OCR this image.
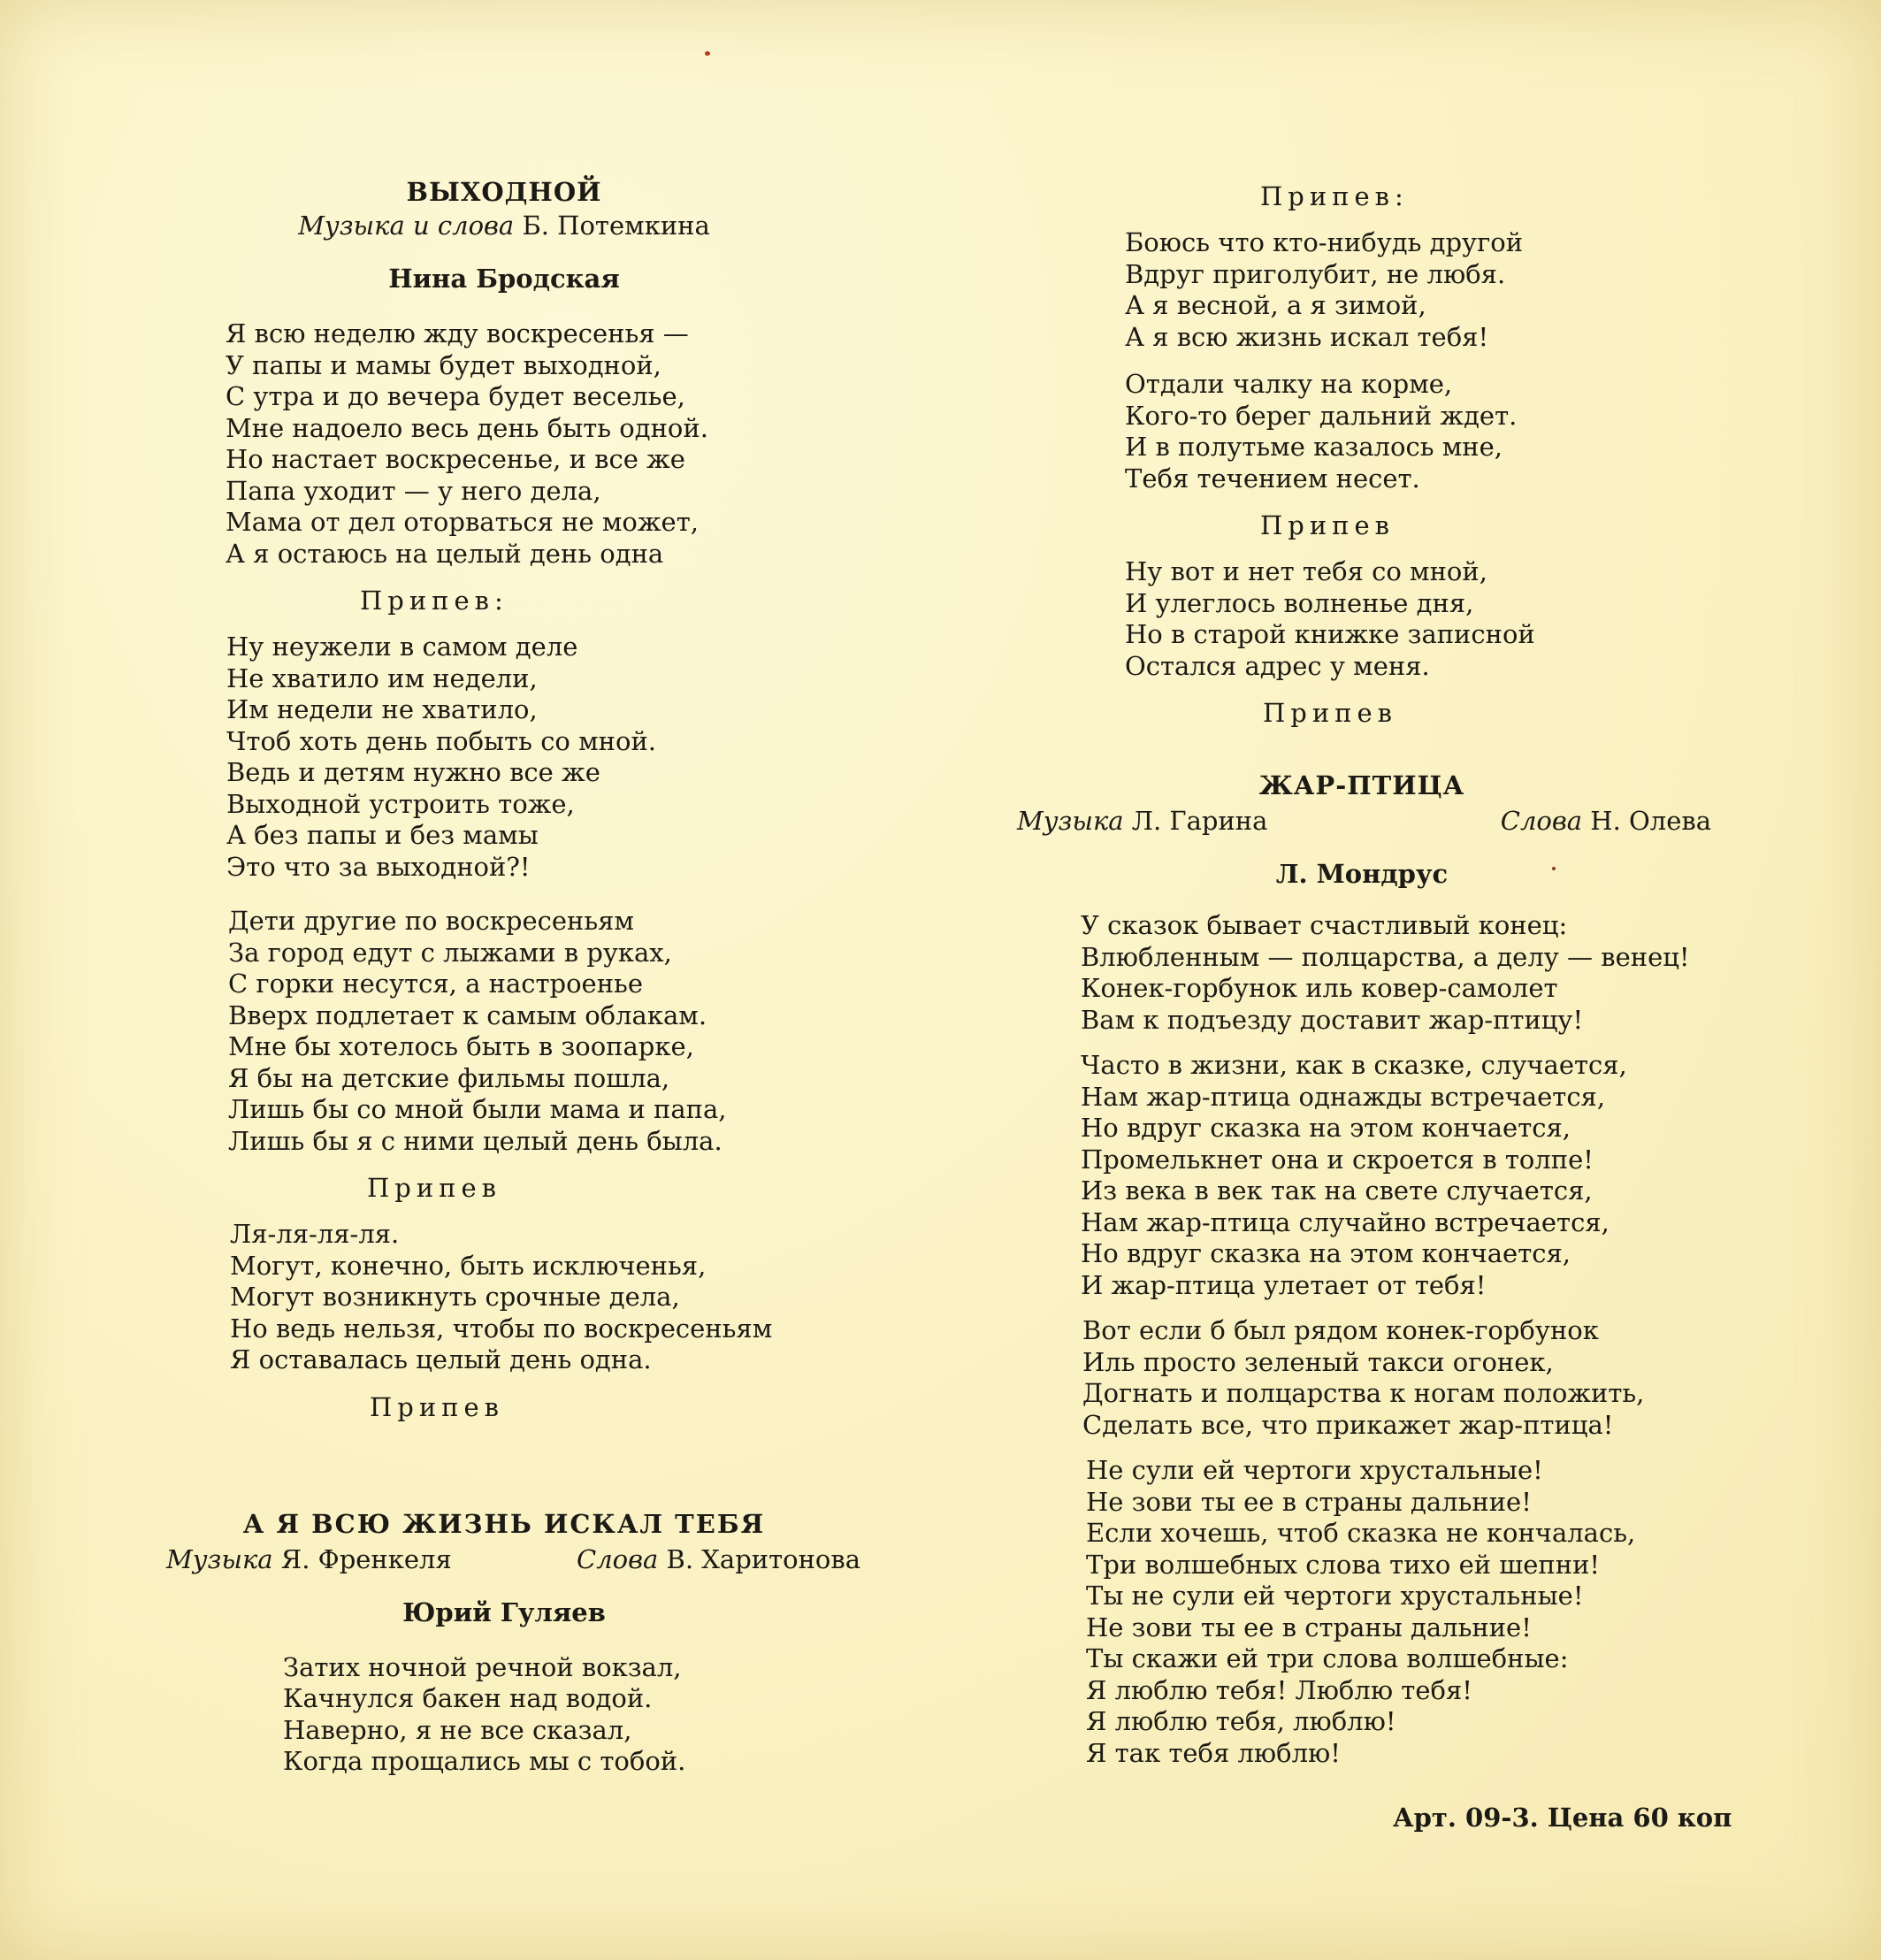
ВЫХОДНОЙ

Музыка и слова Б. Потемкина

Нина Бродская

Я всю неделю жду воскресенья —
У папы и мамы будет выходной,
С утра и до вечера будет веселье,
Мне надоело весь день быть одной.
Но настает воскресенье, и все же
Папа уходит — у него дела,
Мама от дел оторваться не может,
А я остаюсь на целый день одна

Припев:

Ну неужели в самом деле
Не хватило им недели,
Им недели не хватило,
Чтоб хоть день побыть со мной.
Ведь и детям нужно все же
Выходной устроить тоже,
А без папы и без мамы
Это что за выходной?!

Дети другие по воскресеньям
За город едут с лыжами в руках,
С горки несутся, а настроенье
Вверх подлетает к самым облакам.
Мне бы хотелось быть в зоопарке,
Я бы на детские фильмы пошла,
Лишь бы со мной были мама и папа,
Лишь бы я с ними целый день была.

Припев

Ля-ля-ля-ля.
Могут, конечно, быть исключенья,
Могут возникнуть срочные дела,
Но ведь нельзя, чтобы по воскресеньям
Я оставалась целый день одна.

Припев

А Я ВСЮ ЖИЗНЬ ИСКАЛ ТЕБЯ

Музыка Я. Френкеля	Слова В. Харитонова

Юрий Гуляев

Затих ночной речной вокзал,
Качнулся бакен над водой.
Наверно, я не все сказал,
Когда прощались мы с тобой.

Припев:

Боюсь что кто-нибудь другой
Вдруг приголубит, не любя.
А я весной, а я зимой,
А я всю жизнь искал тебя!

Отдали чалку на корме,
Кого-то берег дальний ждет.
И в полутьме казалось мне,
Тебя течением несет.

Припев

Ну вот и нет тебя со мной,
И улеглось волненье дня,
Но в старой книжке записной
Остался адрес у меня.

Припев

ЖАР-ПТИЦА

Музыка Л. Гарина	Слова Н. Олева

Л. Мондрус

У сказок бывает счастливый конец:
Влюбленным — полцарства, а делу — венец!
Конек-горбунок иль ковер-самолет
Вам к подъезду доставит жар-птицу!

Часто в жизни, как в сказке, случается,
Нам жар-птица однажды встречается,
Но вдруг сказка на этом кончается,
Промелькнет она и скроется в толпе!
Из века в век так на свете случается,
Нам жар-птица случайно встречается,
Но вдруг сказка на этом кончается,
И жар-птица улетает от тебя!

Вот если б был рядом конек-горбунок
Иль просто зеленый такси огонек,
Догнать и полцарства к ногам положить,
Сделать все, что прикажет жар-птица!

Не сули ей чертоги хрустальные!
Не зови ты ее в страны дальние!
Если хочешь, чтоб сказка не кончалась,
Три волшебных слова тихо ей шепни!
Ты не сули ей чертоги хрустальные!
Не зови ты ее в страны дальние!
Ты скажи ей три слова волшебные:
Я люблю тебя! Люблю тебя!
Я люблю тебя, люблю!
Я так тебя люблю!

Арт. 09-3. Цена 60 коп
